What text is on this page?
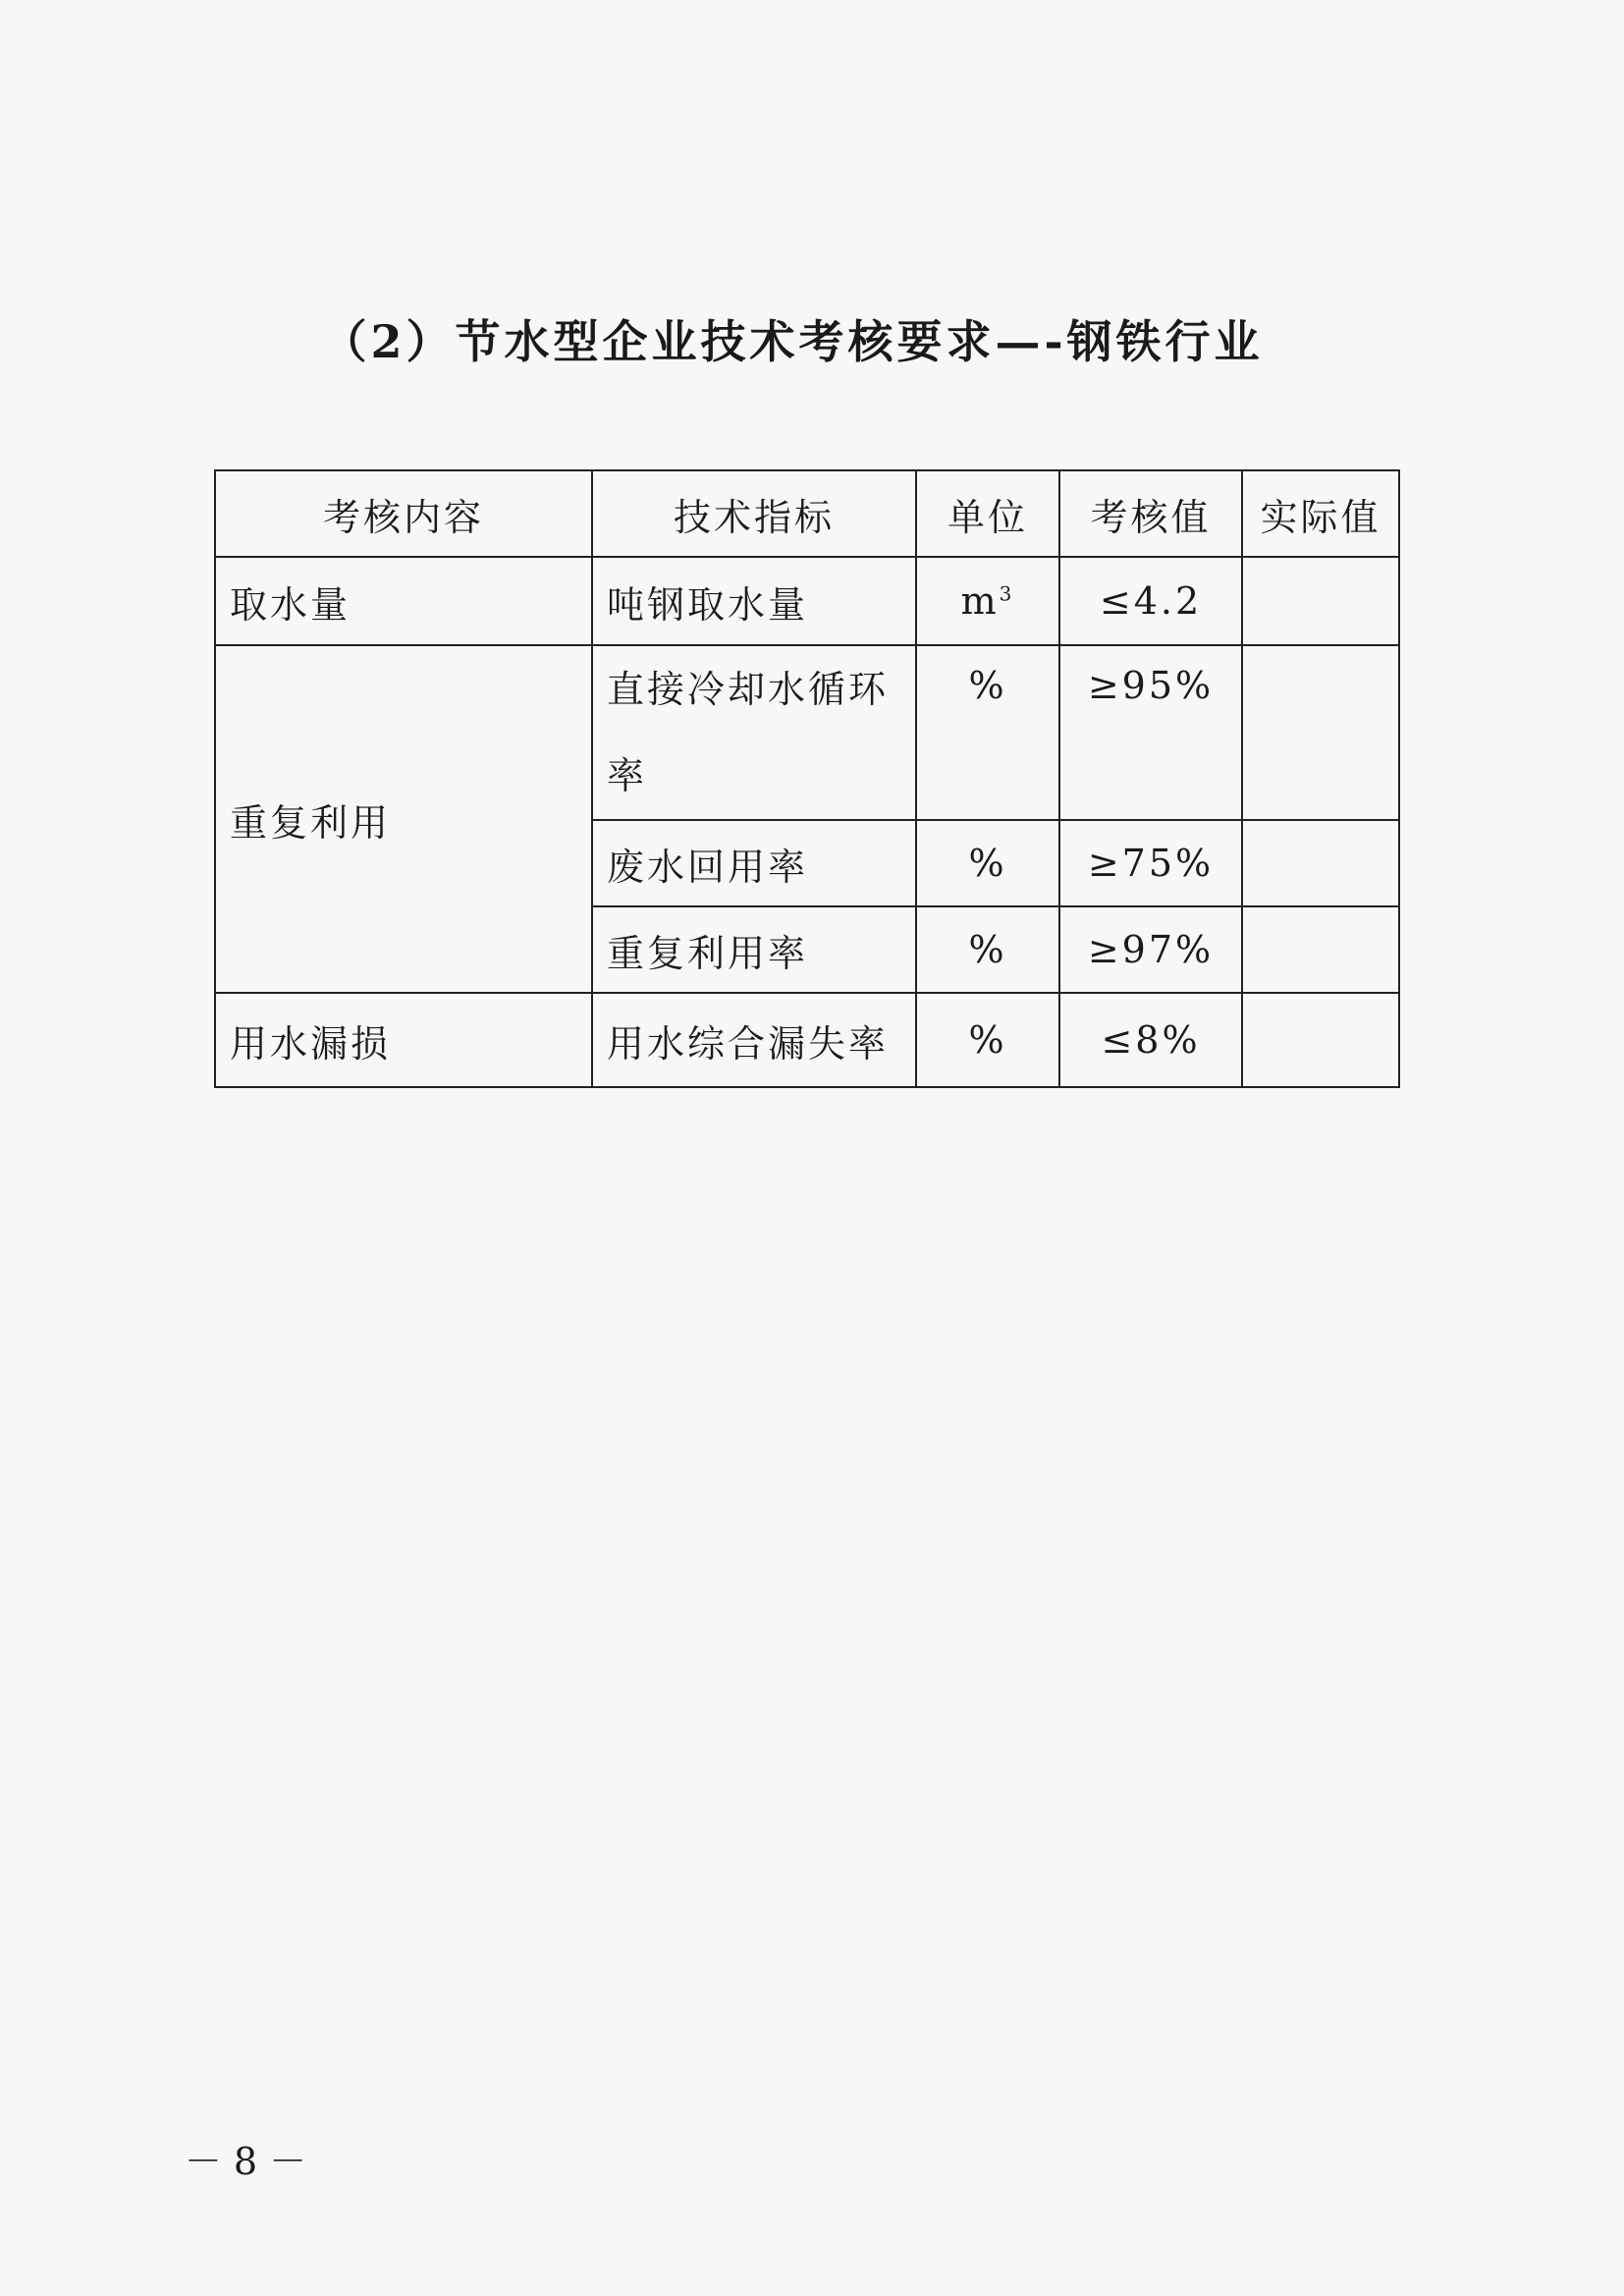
（2）节水型企业技术考核要求—-钢铁行业
考核内容	技术指标	单位	考核值	实际值
取水量	吨钢取水量	$m^3$	≤4.2	
重复利用	直接冷却水循环率	%	≥95%	
	废水回用率	%	≥75%	
	重复利用率	%	≥97%	
用水漏损	用水综合漏失率	%	≤8%	
－ 8 －
